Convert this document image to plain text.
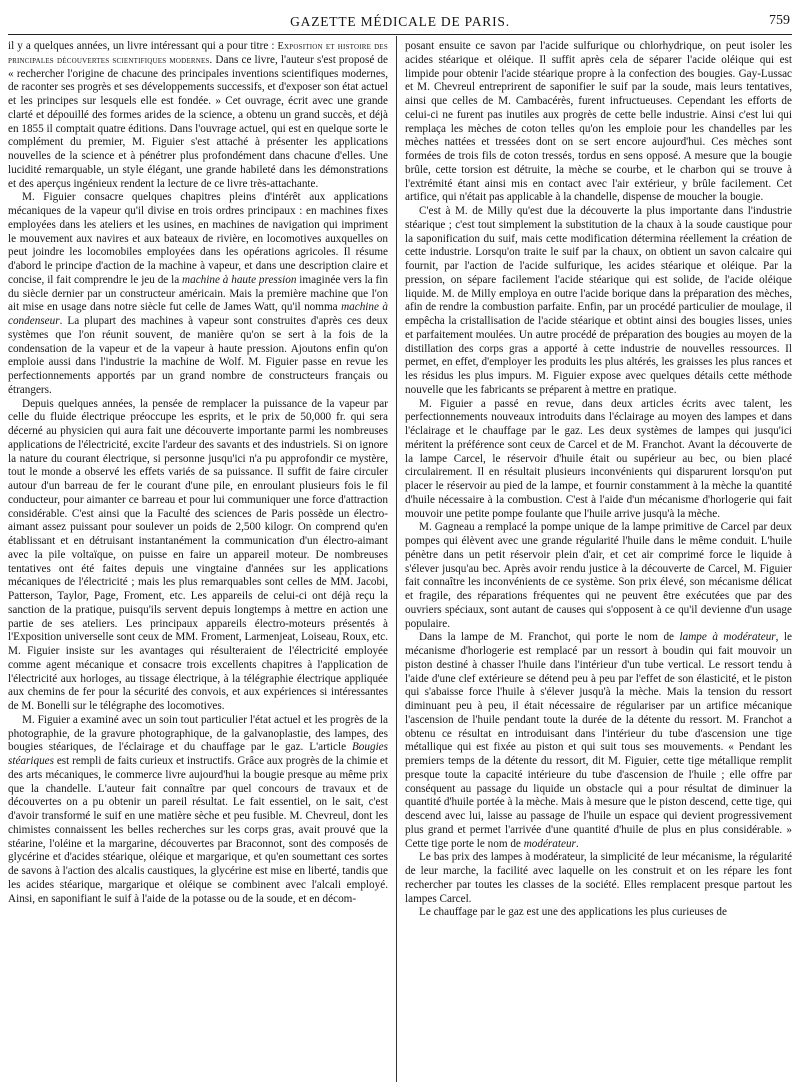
GAZETTE MÉDICALE DE PARIS.	759

il y a quelques années, un livre intéressant qui a pour titre : Exposition et histoire des principales découvertes scientifiques modernes. Dans ce livre, l'auteur s'est proposé de « rechercher l'origine de chacune des principales inventions scientifiques modernes, de raconter ses progrès et ses développements successifs, et d'exposer son état actuel et les principes sur lesquels elle est fondée. » Cet ouvrage, écrit avec une grande clarté et dépouillé des formes arides de la science, a obtenu un grand succès, et déjà en 1855 il comptait quatre éditions. Dans l'ouvrage actuel, qui est en quelque sorte le complément du premier, M. Figuier s'est attaché à présenter les applications nouvelles de la science et à pénétrer plus profondément dans chacune d'elles. Une lucidité remarquable, un style élégant, une grande habileté dans les démonstrations et des aperçus ingénieux rendent la lecture de ce livre très-attachante.

M. Figuier consacre quelques chapitres pleins d'intérêt aux applications mécaniques de la vapeur qu'il divise en trois ordres principaux : en machines fixes employées dans les ateliers et les usines, en machines de navigation qui impriment le mouvement aux navires et aux bateaux de rivière, en locomotives auxquelles on peut joindre les locomobiles employées dans les opérations agricoles. Il résume d'abord le principe d'action de la machine à vapeur, et dans une description claire et concise, il fait comprendre le jeu de la machine à haute pression imaginée vers la fin du siècle dernier par un constructeur américain. Mais la première machine que l'on ait mise en usage dans notre siècle fut celle de James Watt, qu'il nomma machine à condenseur. La plupart des machines à vapeur sont construites d'après ces deux systèmes que l'on réunit souvent, de manière qu'on se sert à la fois de la condensation de la vapeur et de la vapeur à haute pression. Ajoutons enfin qu'on emploie aussi dans l'industrie la machine de Wolf. M. Figuier passe en revue les perfectionnements apportés par un grand nombre de constructeurs français ou étrangers.

Depuis quelques années, la pensée de remplacer la puissance de la vapeur par celle du fluide électrique préoccupe les esprits, et le prix de 50,000 fr. qui sera décerné au physicien qui aura fait une découverte importante parmi les nombreuses applications de l'électricité, excite l'ardeur des savants et des industriels. Si on ignore la nature du courant électrique, si personne jusqu'ici n'a pu approfondir ce mystère, tout le monde a observé les effets variés de sa puissance. Il suffit de faire circuler autour d'un barreau de fer le courant d'une pile, en enroulant plusieurs fois le fil conducteur, pour aimanter ce barreau et pour lui communiquer une force d'attraction considérable. C'est ainsi que la Faculté des sciences de Paris possède un électro-aimant assez puissant pour soulever un poids de 2,500 kilogr. On comprend qu'en établissant et en détruisant instantanément la communication d'un électro-aimant avec la pile voltaïque, on puisse en faire un appareil moteur. De nombreuses tentatives ont été faites depuis une vingtaine d'années sur les applications mécaniques de l'électricité ; mais les plus remarquables sont celles de MM. Jacobi, Patterson, Taylor, Page, Froment, etc. Les appareils de celui-ci ont déjà reçu la sanction de la pratique, puisqu'ils servent depuis longtemps à mettre en action une partie de ses ateliers. Les principaux appareils électro-moteurs présentés à l'Exposition universelle sont ceux de MM. Froment, Larmenjeat, Loiseau, Roux, etc. M. Figuier insiste sur les avantages qui résulteraient de l'électricité employée comme agent mécanique et consacre trois excellents chapitres à l'application de l'électricité aux horloges, au tissage électrique, à la télégraphie électrique appliquée aux chemins de fer pour la sécurité des convois, et aux expériences si intéressantes de M. Bonelli sur le télégraphe des locomotives.

M. Figuier a examiné avec un soin tout particulier l'état actuel et les progrès de la photographie, de la gravure photographique, de la galvanoplastie, des lampes, des bougies stéariques, de l'éclairage et du chauffage par le gaz. L'article Bougies stéariques est rempli de faits curieux et instructifs. Grâce aux progrès de la chimie et des arts mécaniques, le commerce livre aujourd'hui la bougie presque au même prix que la chandelle. L'auteur fait connaître par quel concours de travaux et de découvertes on a pu obtenir un pareil résultat. Le fait essentiel, on le sait, c'est d'avoir transformé le suif en une matière sèche et peu fusible. M. Chevreul, dont les chimistes connaissent les belles recherches sur les corps gras, avait prouvé que la stéarine, l'oléine et la margarine, découvertes par Braconnot, sont des composés de glycérine et d'acides stéarique, oléique et margarique, et qu'en soumettant ces sortes de savons à l'action des alcalis caustiques, la glycérine est mise en liberté, tandis que les acides stéarique, margarique et oléique se combinent avec l'alcali employé. Ainsi, en saponifiant le suif à l'aide de la potasse ou de la soude, et en décom-

posant ensuite ce savon par l'acide sulfurique ou chlorhydrique, on peut isoler les acides stéarique et oléique. Il suffit après cela de séparer l'acide oléique qui est limpide pour obtenir l'acide stéarique propre à la confection des bougies. Gay-Lussac et M. Chevreul entreprirent de saponifier le suif par la soude, mais leurs tentatives, ainsi que celles de M. Cambacérès, furent infructueuses. Cependant les efforts de celui-ci ne furent pas inutiles aux progrès de cette belle industrie. Ainsi c'est lui qui remplaça les mèches de coton telles qu'on les emploie pour les chandelles par les mèches nattées et tressées dont on se sert encore aujourd'hui. Ces mèches sont formées de trois fils de coton tressés, tordus en sens opposé. A mesure que la bougie brûle, cette torsion est détruite, la mèche se courbe, et le charbon qui se trouve à l'extrémité étant ainsi mis en contact avec l'air extérieur, y brûle facilement. Cet artifice, qui n'était pas applicable à la chandelle, dispense de moucher la bougie.

C'est à M. de Milly qu'est due la découverte la plus importante dans l'industrie stéarique ; c'est tout simplement la substitution de la chaux à la soude caustique pour la saponification du suif, mais cette modification détermina réellement la création de cette industrie. Lorsqu'on traite le suif par la chaux, on obtient un savon calcaire qui fournit, par l'action de l'acide sulfurique, les acides stéarique et oléique. Par la pression, on sépare facilement l'acide stéarique qui est solide, de l'acide oléique liquide. M. de Milly employa en outre l'acide borique dans la préparation des mèches, afin de rendre la combustion parfaite. Enfin, par un procédé particulier de moulage, il empêcha la cristallisation de l'acide stéarique et obtint ainsi des bougies lisses, unies et parfaitement moulées. Un autre procédé de préparation des bougies au moyen de la distillation des corps gras a apporté à cette industrie de nouvelles ressources. Il permet, en effet, d'employer les produits les plus altérés, les graisses les plus rances et les résidus les plus impurs. M. Figuier expose avec quelques détails cette méthode nouvelle que les fabricants se préparent à mettre en pratique.

M. Figuier a passé en revue, dans deux articles écrits avec talent, les perfectionnements nouveaux introduits dans l'éclairage au moyen des lampes et dans l'éclairage et le chauffage par le gaz. Les deux systèmes de lampes qui jusqu'ici méritent la préférence sont ceux de Carcel et de M. Franchot. Avant la découverte de la lampe Carcel, le réservoir d'huile était ou supérieur au bec, ou bien placé circulairement. Il en résultait plusieurs inconvénients qui disparurent lorsqu'on put placer le réservoir au pied de la lampe, et fournir constamment à la mèche la quantité d'huile nécessaire à la combustion. C'est à l'aide d'un mécanisme d'horlogerie qui fait mouvoir une petite pompe foulante que l'huile arrive jusqu'à la mèche.

M. Gagneau a remplacé la pompe unique de la lampe primitive de Carcel par deux pompes qui élèvent avec une grande régularité l'huile dans le même conduit. L'huile pénètre dans un petit réservoir plein d'air, et cet air comprimé force le liquide à s'élever jusqu'au bec. Après avoir rendu justice à la découverte de Carcel, M. Figuier fait connaître les inconvénients de ce système. Son prix élevé, son mécanisme délicat et fragile, des réparations fréquentes qui ne peuvent être exécutées que par des ouvriers spéciaux, sont autant de causes qui s'opposent à ce qu'il devienne d'un usage populaire.

Dans la lampe de M. Franchot, qui porte le nom de lampe à modérateur, le mécanisme d'horlogerie est remplacé par un ressort à boudin qui fait mouvoir un piston destiné à chasser l'huile dans l'intérieur d'un tube vertical. Le ressort tendu à l'aide d'une clef extérieure se détend peu à peu par l'effet de son élasticité, et le piston qui s'abaisse force l'huile à s'élever jusqu'à la mèche. Mais la tension du ressort diminuant peu à peu, il était nécessaire de régulariser par un artifice mécanique l'ascension de l'huile pendant toute la durée de la détente du ressort. M. Franchot a obtenu ce résultat en introduisant dans l'intérieur du tube d'ascension une tige métallique qui est fixée au piston et qui suit tous ses mouvements. « Pendant les premiers temps de la détente du ressort, dit M. Figuier, cette tige métallique remplit presque toute la capacité intérieure du tube d'ascension de l'huile ; elle offre par conséquent au passage du liquide un obstacle qui a pour résultat de diminuer la quantité d'huile portée à la mèche. Mais à mesure que le piston descend, cette tige, qui descend avec lui, laisse au passage de l'huile un espace qui devient progressivement plus grand et permet l'arrivée d'une quantité d'huile de plus en plus considérable. » Cette tige porte le nom de modérateur.

Le bas prix des lampes à modérateur, la simplicité de leur mécanisme, la régularité de leur marche, la facilité avec laquelle on les construit et on les répare les font rechercher par toutes les classes de la société. Elles remplacent presque partout les lampes Carcel.

Le chauffage par le gaz est une des applications les plus curieuses de
